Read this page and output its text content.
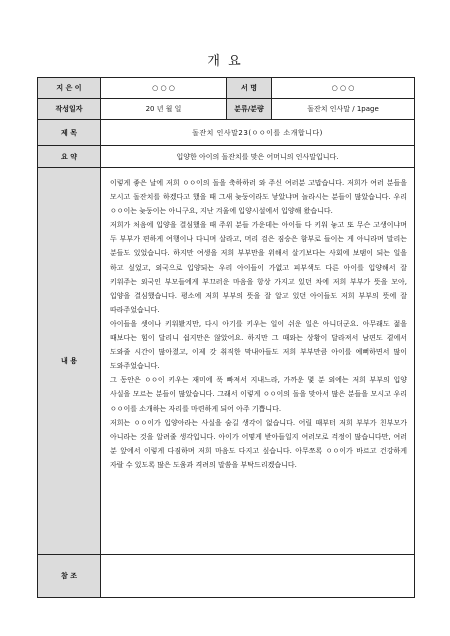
개 요
지 은 이	○ ○ ○	서 명	○ ○ ○
작성일자	20 년 월 일	분류/분량	돌잔치 인사말 / 1page
제 목	돌잔치 인사말23(ㅇㅇ이를 소개합니다)		
요 약	입양한 아이의 돌잔치를 맞은 어머니의 인사말입니다.		
내 용	이렇게 좋은 날에 저희 ㅇㅇ이의 돌을 축하하러 와 주신 여러분 고맙습니다. 저희가 여러 분들을 모시고 돌잔치를 하겠다고 했을 때 그새 늦둥이라도 낳았냐며 놀라시는 분들이 많았습니다. 우리 ㅇㅇ이는 늦둥이는 아니구요, 지난 겨울에 입양시설에서 입양해 왔습니다.

저희가 처음에 입양을 결심했을 때 주위 분들 가운데는 아이들 다 키워 놓고 또 무슨 고생이냐며 두 부부가 편하게 여행이나 다니며 살라고, 머리 검은 짐승은 함부로 들이는 게 아니라며 말리는 분들도 있었습니다. 하지만 여생을 저희 부부만을 위해서 살기보다는 사회에 보탬이 되는 일을 하고 싶었고, 외국으로 입양되는 우리 아이들이 가엾고 피부색도 다른 아이를 입양해서 잘 키워주는 외국인 부모들에게 부끄러운 마음을 항상 가지고 있던 차에 저희 부부가 뜻을 모아, 입양을 결심했습니다. 평소에 저희 부부의 뜻을 잘 알고 있던 아이들도 저희 부부의 뜻에 잘 따라주었습니다.

아이들을 셋이나 키워봤지만, 다시 아기를 키우는 일이 쉬운 일은 아니더군요. 아무래도 젊을 때보다는 힘이 달리니 쉽지만은 않았어요. 하지만 그 때와는 상황이 달라져서 남편도 곁에서 도와줄 시간이 많아졌고, 이제 갓 취직한 막내아들도 저희 부부만큼 아이를 예뻐하면서 많이 도와주었습니다.

그 동안은 ㅇㅇ이 키우는 재미에 푹 빠져서 지내느라, 가까운 몇 분 외에는 저희 부부의 입양 사실을 모르는 분들이 많았습니다. 그래서 이렇게 ㅇㅇ이의 돌을 맞아서 많은 분들을 모시고 우리 ㅇㅇ이를 소개하는 자리를 마련하게 되어 아주 기쁩니다.

저희는 ㅇㅇ이가 입양아라는 사실을 숨길 생각이 없습니다. 어릴 때부터 저희 부부가 친부모가 아니라는 것을 알려줄 생각입니다. 아이가 어떻게 받아들일지 여러모로 걱정이 많습니다만, 여러 분 앞에서 이렇게 다짐하며 저희 마음도 다지고 싶습니다. 아무쪼록 ㅇㅇ이가 바르고 건강하게 자랄 수 있도록 많은 도움과 격려의 말씀을 부탁드리겠습니다.		

참 조			
